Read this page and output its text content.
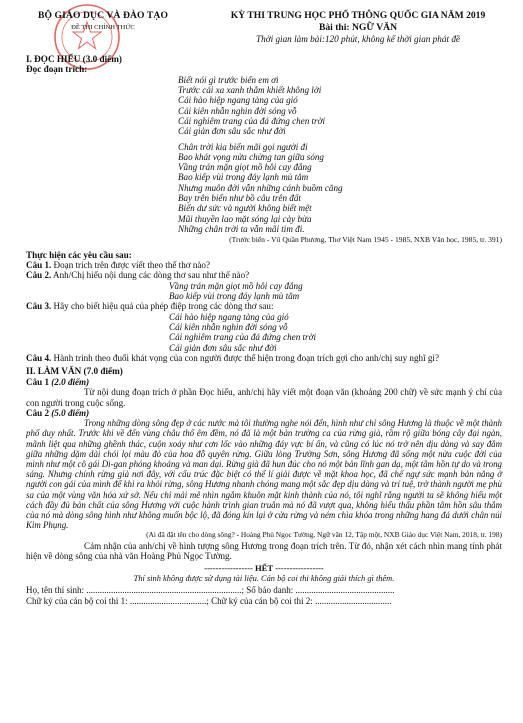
BỘ GIÁO DỤC VÀ ĐÀO TẠO
ĐỀ THI CHÍNH THỨC
KỲ THI TRUNG HỌC PHỔ THÔNG QUỐC GIA NĂM 2019
Bài thi: NGỮ VĂN
Thời gian làm bài:120 phút, không kể thời gian phát đề
I. ĐỌC HIỂU (3.0 điểm)
Đọc đoạn trích:
Biết nói gì trước biển em ơi
Trước cái xa xanh thẳm khiết không lời
Cái hào hiệp ngang tàng của gió
Cái kiên nhẫn nghìn đời sóng vỗ
Cái nghiêm trang của đá đứng chen trời
Cái giản đơn sâu sắc như đời
Chân trời kia biển mãi gọi người đi
Bao khát vọng nửa chừng tan giữa sóng
Vầng trán mặn giọt mồ hôi cay đắng
Bao kiếp vùi trong đáy lạnh mù tăm
Nhưng muôn đời vẫn những cánh buồm căng
Bay trên biển như bồ câu trên đất
Biển dư sức và người không biết mệt
Mũi thuyền lao mặt sóng lại cày bừa
Những chân trời ta vẫn mãi tìm đi.
(Trước biển - Vũ Quần Phương, Thơ Việt Nam 1945 - 1985, NXB Văn học, 1985, tr. 391)
Thực hiện các yêu cầu sau:
Câu 1. Đoạn trích trên được viết theo thể thơ nào?
Câu 2. Anh/Chị hiểu nội dung các dòng thơ sau như thế nào?
Vầng trán mặn giọt mồ hôi cay đắng
Bao kiếp vùi trong đáy lạnh mù tăm
Câu 3. Hãy cho biết hiệu quả của phép điệp trong các dòng thơ sau:
Cái hào hiệp ngang tàng của gió
Cái kiên nhẫn nghìn đời sóng vỗ
Cái nghiêm trang của đá đứng chen trời
Cái giản đơn sâu sắc như đời
Câu 4. Hành trình theo đuổi khát vọng của con người được thể hiện trong đoạn trích gợi cho anh/chị suy nghĩ gì?
II. LÀM VĂN (7.0 điểm)
Câu 1 (2.0 điểm)
Từ nội dung đoạn trích ở phần Đọc hiểu, anh/chị hãy viết một đoạn văn (khoảng 200 chữ) về sức mạnh ý chí của con người trong cuộc sống.
Câu 2 (5.0 điểm)
Trong những dòng sông đẹp ở các nước mà tôi thường nghe nói đến, hình như chỉ sông Hương là thuộc về một thành phố duy nhất. Trước khi về đến vùng châu thổ êm đềm, nó đã là một bản trường ca của rừng già, rầm rộ giữa bóng cây đại ngàn, mãnh liệt qua những ghềnh thác, cuộn xoáy như cơn lốc vào những đáy vực bí ẩn, và cũng có lúc nó trở nên dịu dàng và say đắm giữa những dặm dài chói lọi màu đỏ của hoa đỗ quyên rừng. Giữa lòng Trường Sơn, sông Hương đã sống một nửa cuộc đời của mình như một cô gái Di-gan phóng khoáng và man dại. Rừng già đã hun đúc cho nó một bản lĩnh gan dạ, một tâm hồn tự do và trong sáng. Nhưng chính rừng già nơi đây, với cấu trúc đặc biệt có thể lí giải được về mặt khoa học, đã chế ngự sức mạnh bản năng ở người con gái của mình để khi ra khỏi rừng, sông Hương nhanh chóng mang một sắc đẹp dịu dàng và trí tuệ, trở thành người mẹ phù sa của một vùng văn hóa xứ sở. Nếu chỉ mải mê nhìn ngắm khuôn mặt kinh thành của nó, tôi nghĩ rằng người ta sẽ không hiểu một cách đầy đủ bản chất của sông Hương với cuộc hành trình gian truân mà nó đã vượt qua, không hiểu thấu phần tâm hồn sâu thẳm của nó mà dòng sông hình như không muốn bộc lộ, đã đóng kín lại ở cửa rừng và ném chìa khóa trong những hang đá dưới chân núi Kim Phụng.
(Ai đã đặt tên cho dòng sông? - Hoàng Phủ Ngọc Tường, Ngữ văn 12, Tập một, NXB Giáo dục Việt Nam, 2018, tr. 198)
Cảm nhận của anh/chị về hình tượng sông Hương trong đoạn trích trên. Từ đó, nhận xét cách nhìn mang tính phát hiện về dòng sông của nhà văn Hoàng Phủ Ngọc Tường.
----------------- HẾT -----------------
Thí sinh không được sử dụng tài liệu. Cán bộ coi thi không giải thích gì thêm.
Họ, tên thí sinh: .....................................................................; Số báo danh: ............................................
Chữ ký của cán bộ coi thi 1: ..................................; Chữ ký của cán bộ coi thi 2: ..................................
